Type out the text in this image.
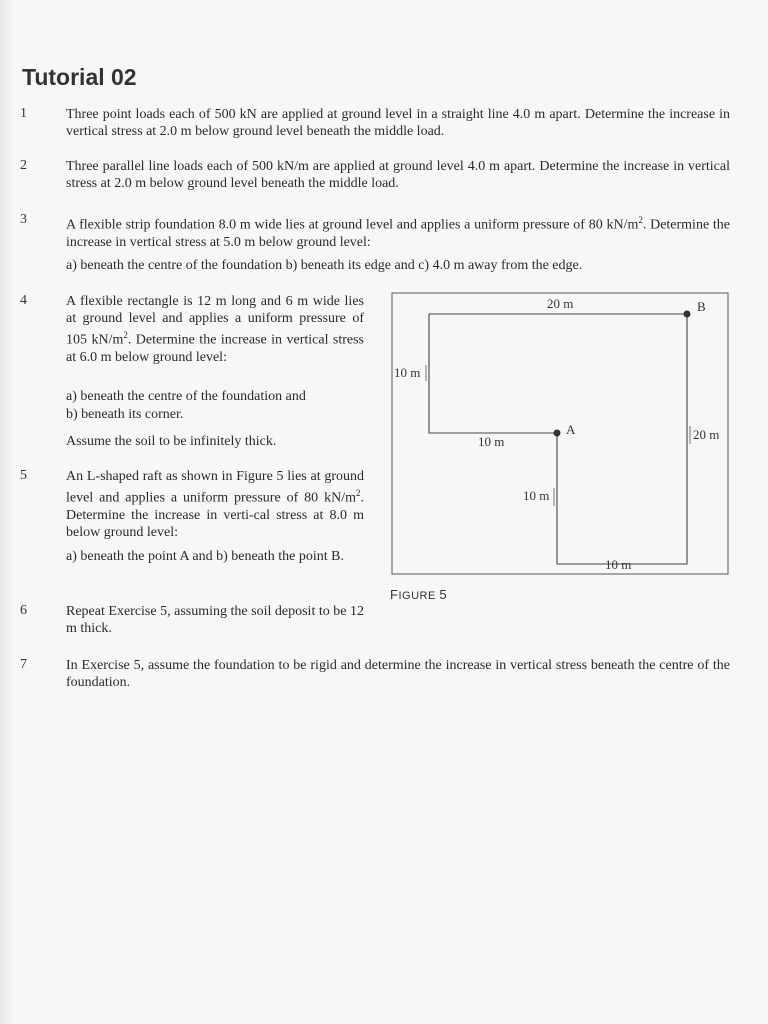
Tutorial 02
1	Three point loads each of 500 kN are applied at ground level in a straight line 4.0 m apart. Determine the increase in vertical stress at 2.0 m below ground level beneath the middle load.
2	Three parallel line loads each of 500 kN/m are applied at ground level 4.0 m apart. Determine the increase in vertical stress at 2.0 m below ground level beneath the middle load.
3	A flexible strip foundation 8.0 m wide lies at ground level and applies a uniform pressure of 80 $kN/m^2$. Determine the increase in vertical stress at 5.0 m below ground level:
a) beneath the centre of the foundation b) beneath its edge and c) 4.0 m away from the edge.
4	A flexible rectangle is 12 m long and 6 m wide lies at ground level and applies a uniform pressure of 105 $kN/m^2$. Determine the increase in vertical stress at 6.0 m below ground level:
a) beneath the centre of the foundation and
b) beneath its corner.
Assume the soil to be infinitely thick.
5	An L-shaped raft as shown in Figure 5 lies at ground level and applies a uniform pressure of 80 $kN/m^2$. Determine the increase in verti-cal stress at 8.0 m below ground level:
a) beneath the point A and b) beneath the point B.
6	Repeat Exercise 5, assuming the soil deposit to be 12 m thick.
7	In Exercise 5, assume the foundation to be rigid and determine the increase in vertical stress beneath the centre of the foundation.
20 m	B
10 m
A
10 m	20 m
10 m
10 m
FIGURE 5
